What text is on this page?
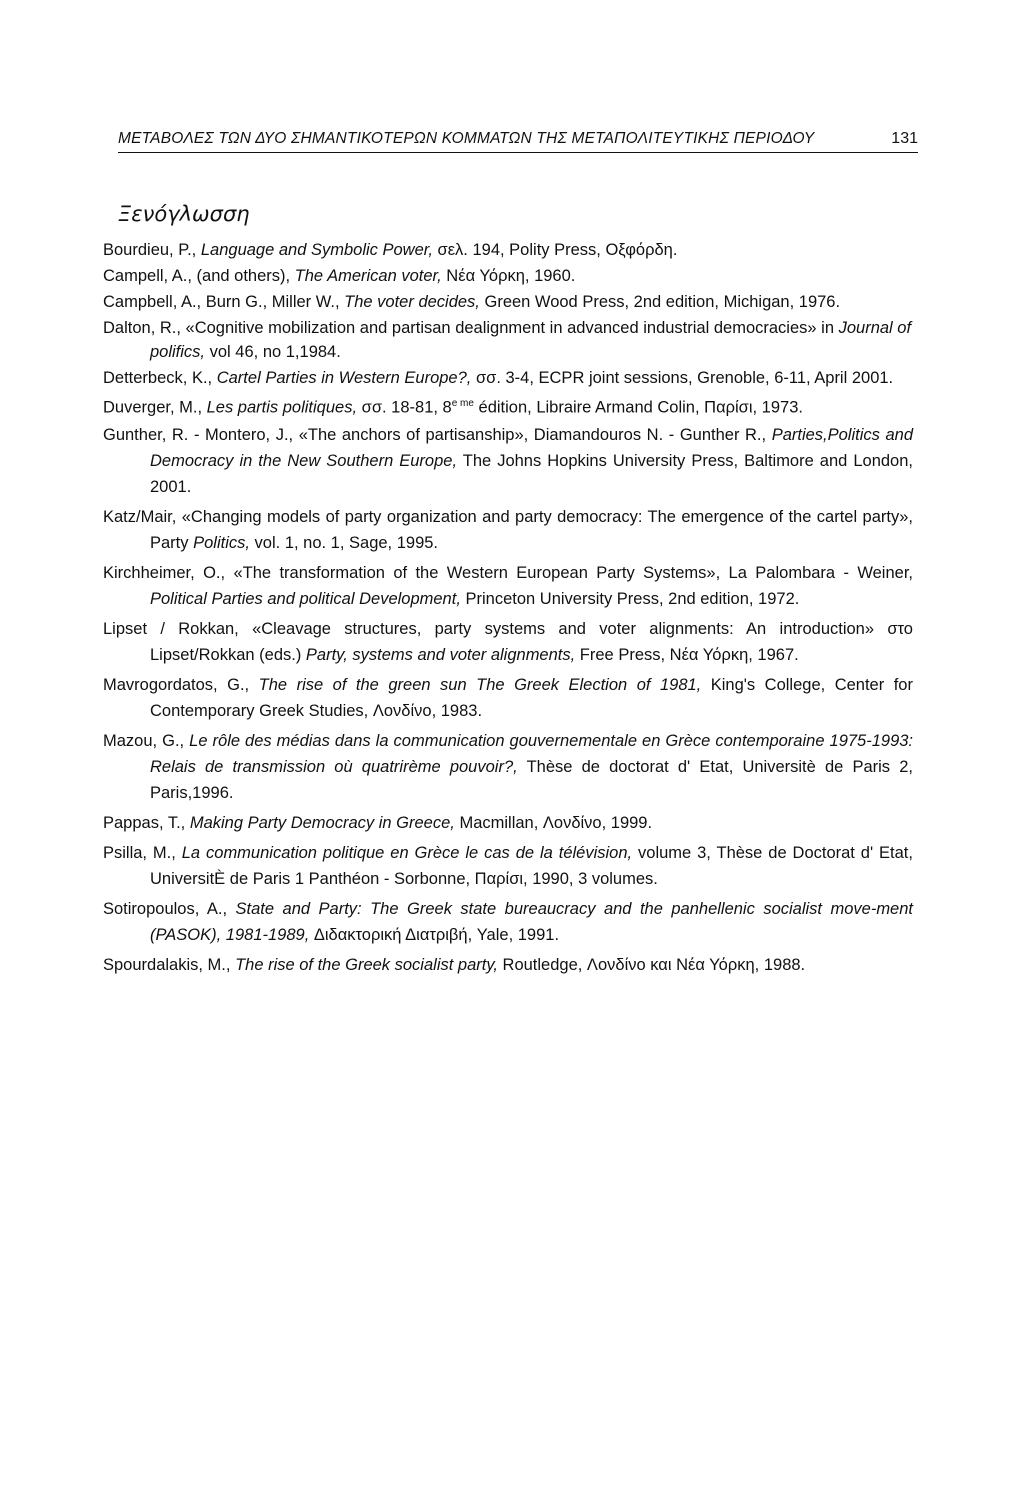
ΜΕΤΑΒΟΛΕΣ ΤΩΝ ΔΥΟ ΣΗΜΑΝΤΙΚΟΤΕΡΩΝ ΚΟΜΜΑΤΩΝ ΤΗΣ ΜΕΤΑΠΟΛΙΤΕΥΤΙΚΗΣ ΠΕΡΙΟΔΟΥ	131
Ξενόγλωσση
Bourdieu, P., Language and Symbolic Power, σελ. 194, Polity Press, Οξφόρδη.
Campell, A., (and others), The American voter, Νέα Υόρκη, 1960.
Campbell, A., Burn G., Miller W., The voter decides, Green Wood Press, 2nd edition, Michigan, 1976.
Dalton, R., «Cognitive mobilization and partisan dealignment in advanced industrial democracies» in Journal of polifics, vol 46, no 1,1984.
Detterbeck, K., Cartel Parties in Western Europe?, σσ. 3-4, ECPR joint sessions, Grenoble, 6-11, April 2001.
Duverger, M., Les partis politiques, σσ. 18-81, $8^{e me}$ édition, Libraire Armand Colin, Παρίσι, 1973.
Gunther, R. - Montero, J., «The anchors of partisanship», Diamandouros N. - Gunther R., Parties,Politics and Democracy in the New Southern Europe, The Johns Hopkins University Press, Baltimore and London, 2001.
Katz/Mair, «Changing models of party organization and party democracy: The emergence of the cartel party», Party Politics, vol. 1, no. 1, Sage, 1995.
Kirchheimer, O., «The transformation of the Western European Party Systems», La Palombara - Weiner, Political Parties and political Development, Princeton University Press, 2nd edition, 1972.
Lipset / Rokkan, «Cleavage structures, party systems and voter alignments: An introduction» στο Lipset/Rokkan (eds.) Party, systems and voter alignments, Free Press, Νέα Υόρκη, 1967.
Mavrogordatos, G., The rise of the green sun The Greek Election of 1981, King's College, Center for Contemporary Greek Studies, Λονδίνο, 1983.
Mazou, G., Le rôle des médias dans la communication gouvernementale en Grèce contemporaine 1975-1993: Relais de transmission où quatrirème pouvoir?, Thèse de doctorat d' Etat, Universitè de Paris 2, Paris,1996.
Pappas, T., Making Party Democracy in Greece, Macmillan, Λονδίνο, 1999.
Psilla, M., La communication politique en Grèce le cas de la télévision, volume 3, Thèse de Doctorat d' Etat, UniversitÈ de Paris 1 Panthéon - Sorbonne, Παρίσι, 1990, 3 volumes.
Sotiropoulos, A., State and Party: The Greek state bureaucracy and the panhellenic socialist move-ment (PASOK), 1981-1989, Διδακτορική Διατριβή, Yale, 1991.
Spourdalakis, M., The rise of the Greek socialist party, Routledge, Λονδίνο και Νέα Υόρκη, 1988.
